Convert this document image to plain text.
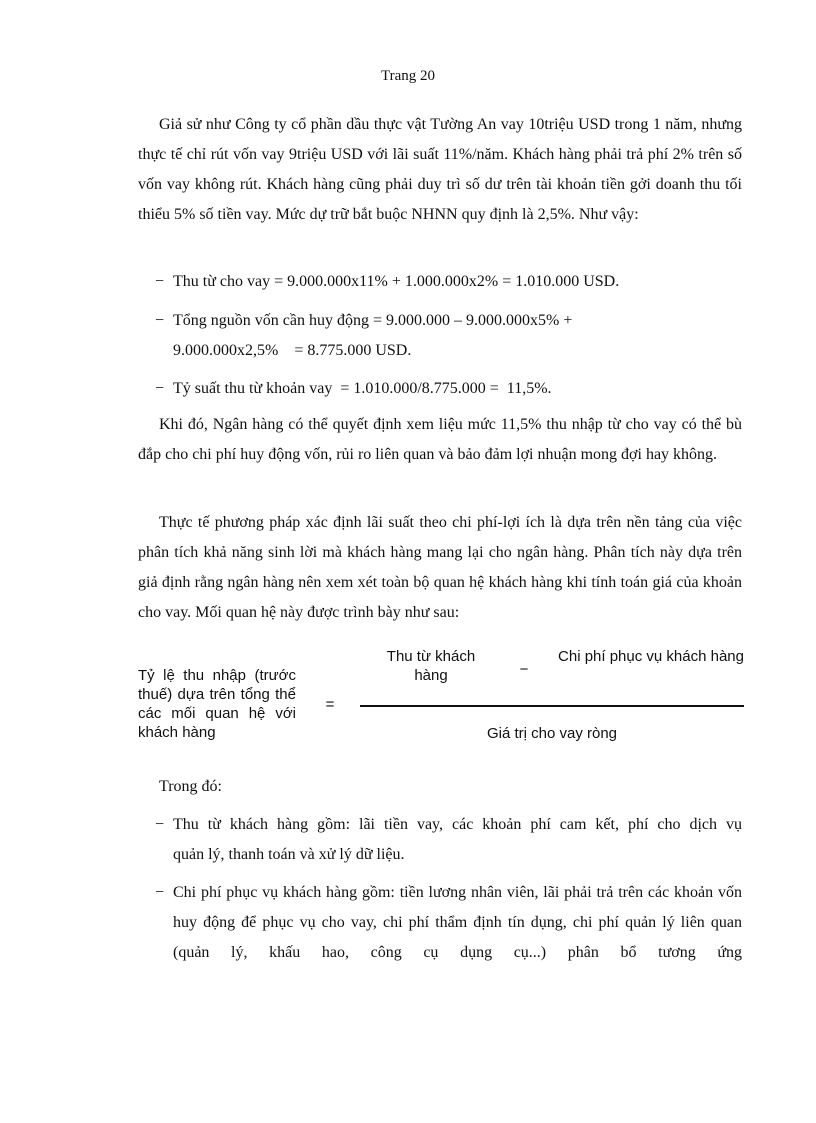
Trang 20

Giả sử như Công ty cổ phần dầu thực vật Tường An vay 10triệu USD trong 1 năm, nhưng thực tế chỉ rút vốn vay 9triệu USD với lãi suất 11%/năm. Khách hàng phải trả phí 2% trên số vốn vay không rút. Khách hàng cũng phải duy trì số dư trên tài khoản tiền gởi doanh thu tối thiểu 5% số tiền vay. Mức dự trữ bắt buộc NHNN quy định là 2,5%. Như vậy:

− Thu từ cho vay = 9.000.000x11% + 1.000.000x2% = 1.010.000 USD.
− Tổng nguồn vốn cần huy động = 9.000.000 – 9.000.000x5% +
9.000.000x2,5%    = 8.775.000 USD.
− Tỷ suất thu từ khoản vay  = 1.010.000/8.775.000 =  11,5%.

Khi đó, Ngân hàng có thể quyết định xem liệu mức 11,5% thu nhập từ cho vay có thể bù đắp cho chi phí huy động vốn, rủi ro liên quan và bảo đảm lợi nhuận mong đợi hay không.

Thực tế phương pháp xác định lãi suất theo chi phí-lợi ích là dựa trên nền tảng của việc phân tích khả năng sinh lời mà khách hàng mang lại cho ngân hàng. Phân tích này dựa trên giả định rằng ngân hàng nên xem xét toàn bộ quan hệ khách hàng khi tính toán giá của khoản cho vay. Mối quan hệ này được trình bày như sau:

Tỷ lệ thu nhập (trước thuế) dựa trên tổng thể các mối quan hệ với khách hàng
=
Thu từ khách hàng	−
Chi phí phục vụ khách hàng
Giá trị cho vay ròng
Trong đó:
− Thu từ khách hàng gồm: lãi tiền vay, các khoản phí cam kết, phí cho dịch vụ
quản lý, thanh toán và xử lý dữ liệu.
− Chi phí phục vụ khách hàng gồm: tiền lương nhân viên, lãi phải trả trên các khoản vốn huy động để phục vụ cho vay, chi phí thẩm định tín dụng, chi phí quản lý liên quan (quản lý, khấu hao, công cụ dụng cụ...) phân bổ tương ứng
